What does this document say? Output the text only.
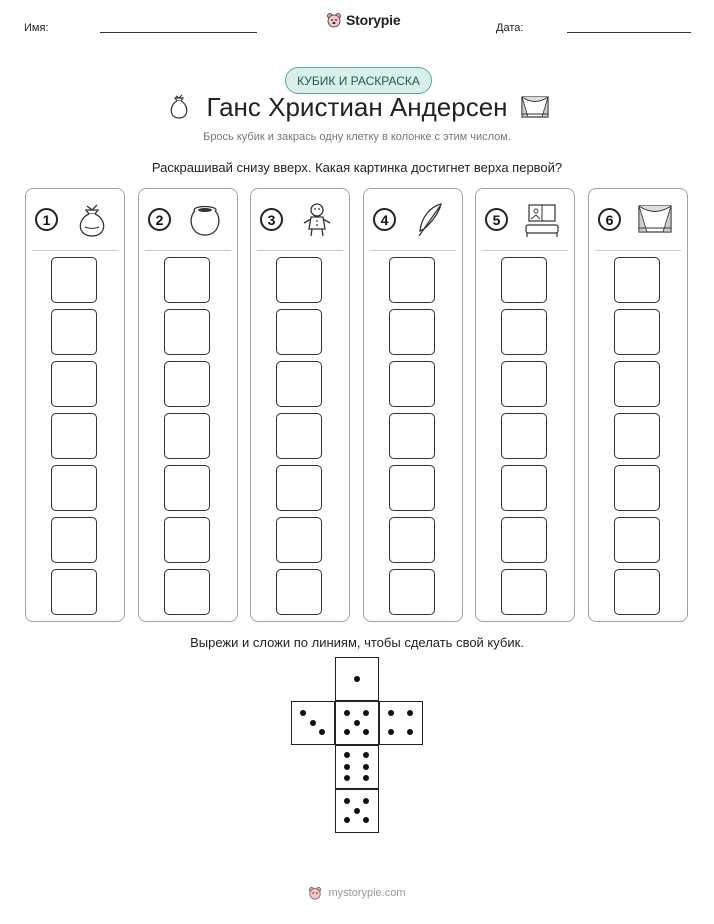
Имя:	Storypie	Дата:
КУБИК И РАСКРАСКА
Ганс Христиан Андерсен
Брось кубик и закрась одну клетку в колонке с этим числом.
Раскрашивай снизу вверх. Какая картинка достигнет верха первой?
1	2	3	4	5	6
Вырежи и сложи по линиям, чтобы сделать свой кубик.
mystorypie.com
